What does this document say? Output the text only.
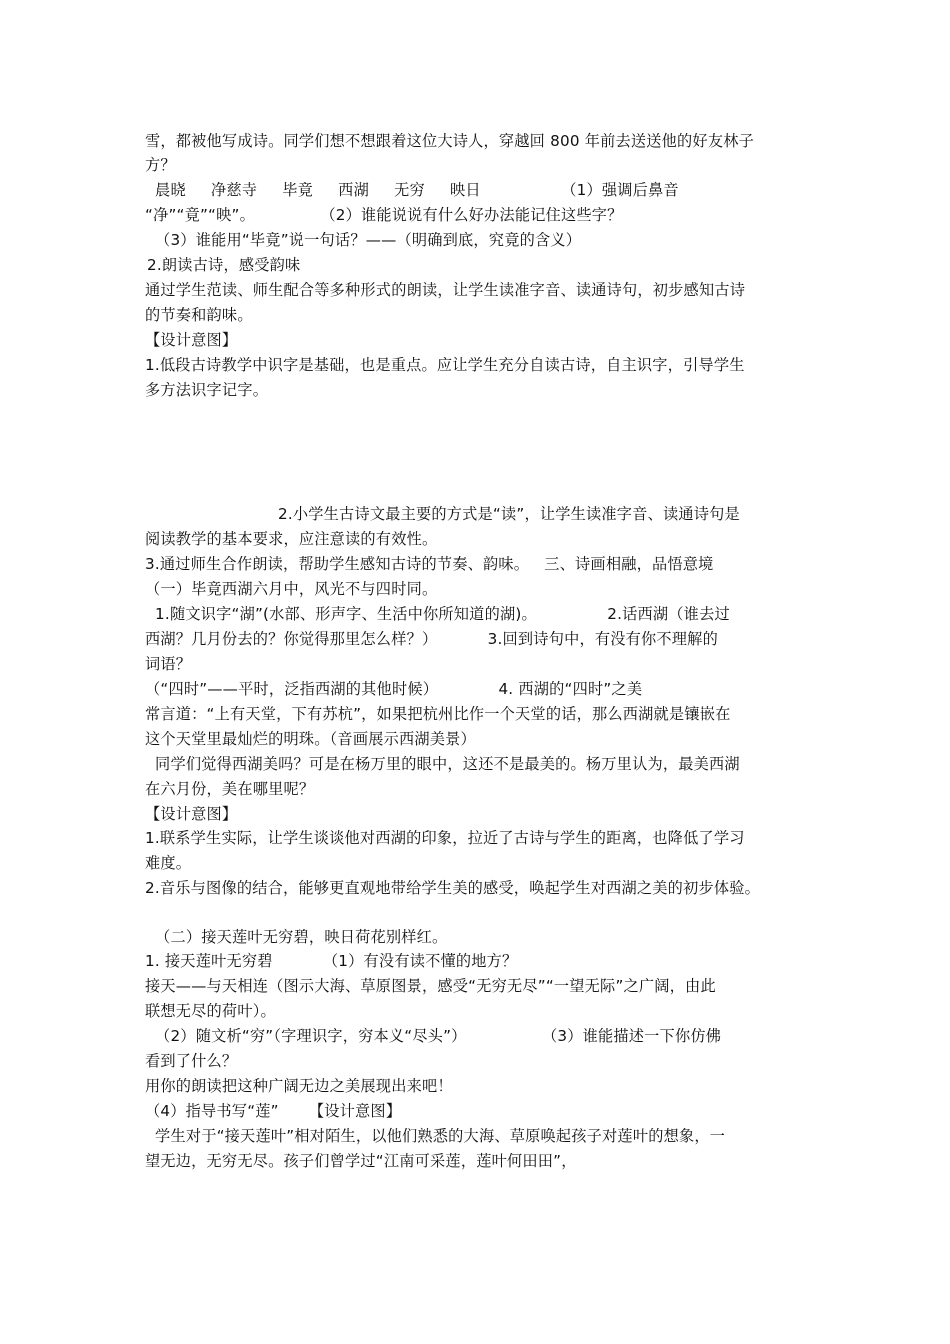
雪，都被他写成诗。同学们想不想跟着这位大诗人，穿越回 800 年前去送送他的好友林子
方？
晨晓     净慈寺     毕竟     西湖     无穷     映日                （1）强调后鼻音
“净”“竟”“映”。             （2）谁能说说有什么好办法能记住这些字？
（3）谁能用“毕竟”说一句话？——（明确到底，究竟的含义）
2.朗读古诗，感受韵味
通过学生范读、师生配合等多种形式的朗读，让学生读准字音、读通诗句，初步感知古诗
的节奏和韵味。
【设计意图】
1.低段古诗教学中识字是基础，也是重点。应让学生充分自读古诗，自主识字，引导学生
多方法识字记字。
2.小学生古诗文最主要的方式是“读”，让学生读准字音、读通诗句是
阅读教学的基本要求，应注意读的有效性。
3.通过师生合作朗读，帮助学生感知古诗的节奏、韵味。   三、诗画相融，品悟意境
（一）毕竟西湖六月中，风光不与四时同。
1.随文识字“湖”(水部、形声字、生活中你所知道的湖)。              2.话西湖（谁去过
西湖？几月份去的？你觉得那里怎么样？）          3.回到诗句中，有没有你不理解的
词语？
（“四时”——平时，泛指西湖的其他时候）            4. 西湖的“四时”之美
常言道：“上有天堂，下有苏杭”，如果把杭州比作一个天堂的话，那么西湖就是镶嵌在
这个天堂里最灿烂的明珠。（音画展示西湖美景）
同学们觉得西湖美吗？可是在杨万里的眼中，这还不是最美的。杨万里认为，最美西湖
在六月份，美在哪里呢？
【设计意图】
1.联系学生实际，让学生谈谈他对西湖的印象，拉近了古诗与学生的距离，也降低了学习
难度。
2.音乐与图像的结合，能够更直观地带给学生美的感受，唤起学生对西湖之美的初步体验。
（二）接天莲叶无穷碧，映日荷花别样红。
1. 接天莲叶无穷碧          （1）有没有读不懂的地方？
接天——与天相连（图示大海、草原图景，感受“无穷无尽”“一望无际”之广阔，由此
联想无尽的荷叶）。
（2）随文析“穷”（字理识字，穷本义“尽头”）               （3）谁能描述一下你仿佛
看到了什么？
用你的朗读把这种广阔无边之美展现出来吧！
（4）指导书写“莲”      【设计意图】
学生对于“接天莲叶”相对陌生，以他们熟悉的大海、草原唤起孩子对莲叶的想象，一
望无边，无穷无尽。孩子们曾学过“江南可采莲，莲叶何田田”，
